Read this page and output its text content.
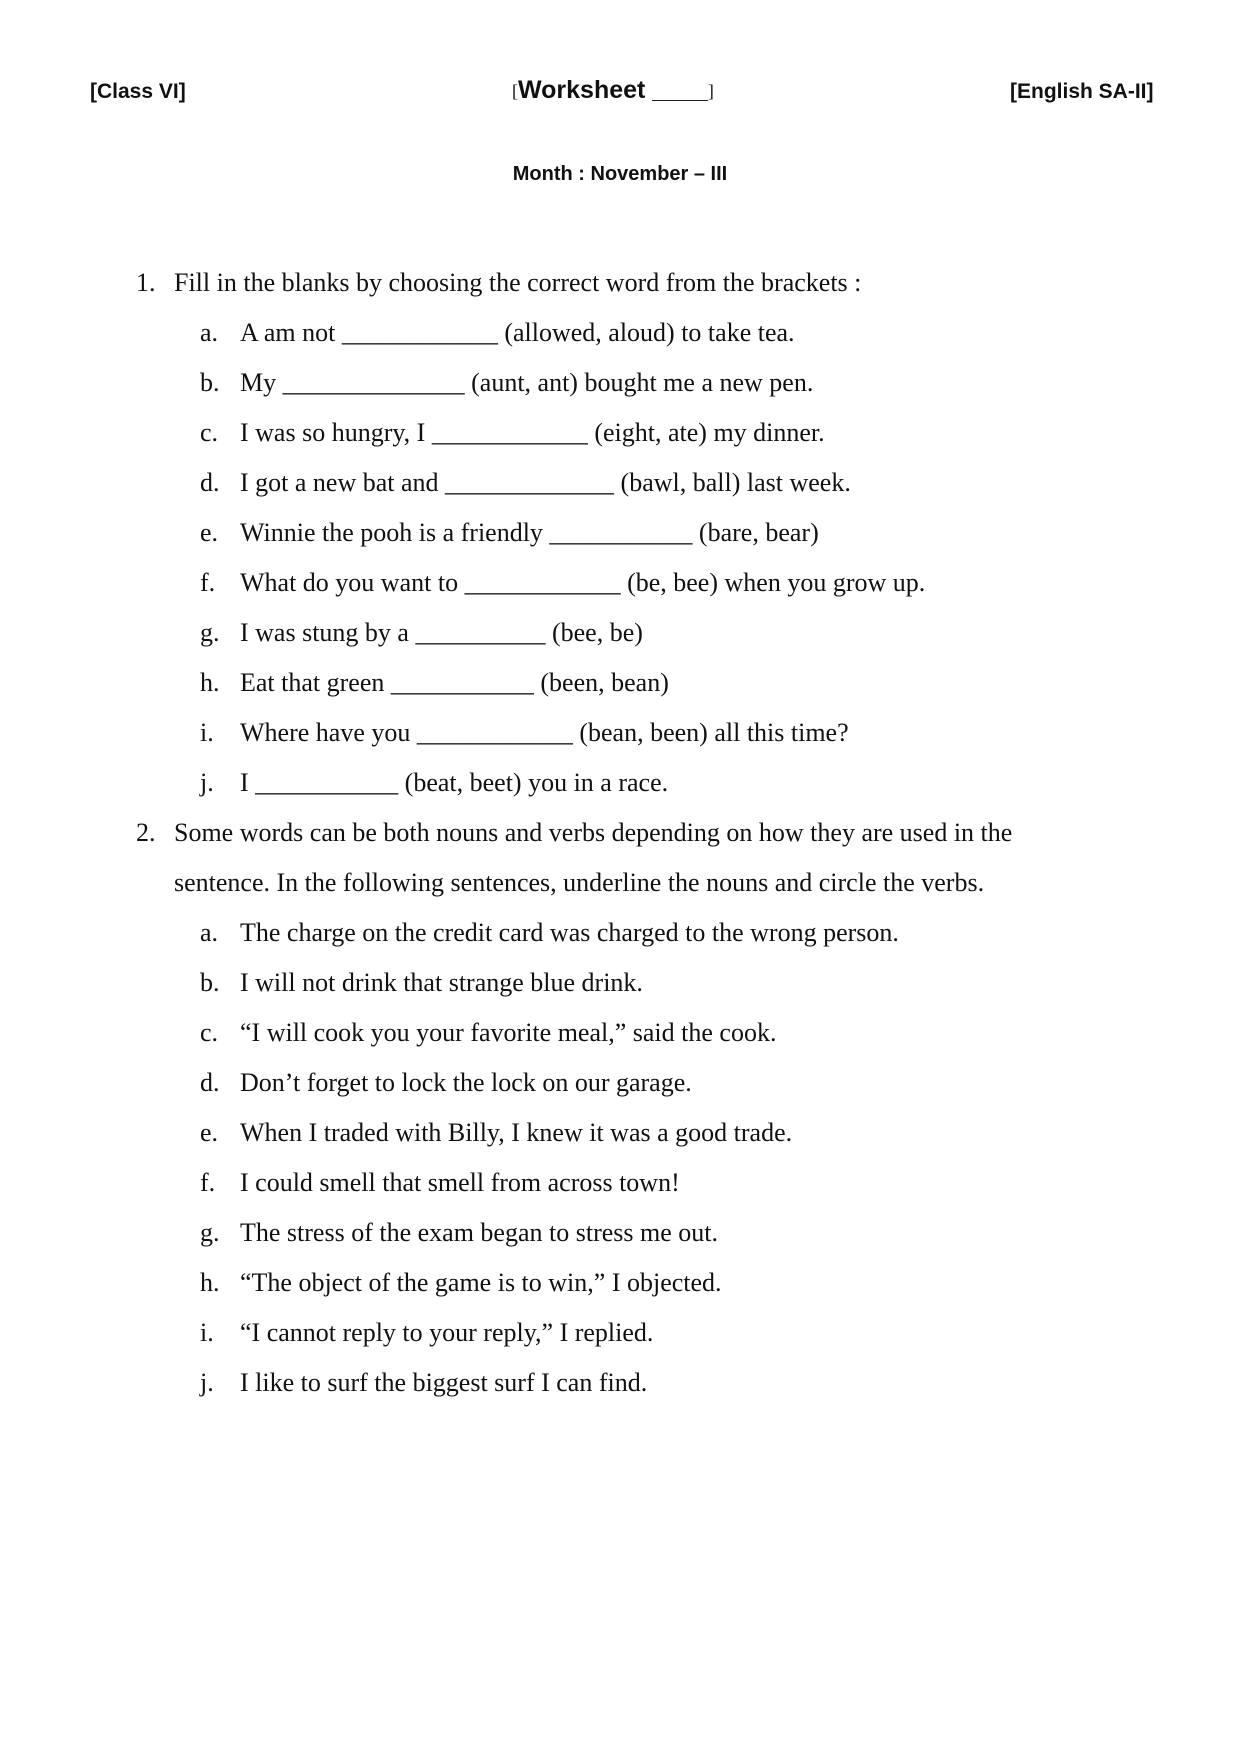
[Class VI]	[Worksheet ____]	[English SA-II]
Month : November – III
1. Fill in the blanks by choosing the correct word from the brackets :
a. A am not ____________ (allowed, aloud) to take tea.
b. My ______________ (aunt, ant) bought me a new pen.
c. I was so hungry, I ____________ (eight, ate) my dinner.
d. I got a new bat and _____________ (bawl, ball) last week.
e. Winnie the pooh is a friendly ___________ (bare, bear)
f. What do you want to ____________ (be, bee) when you grow up.
g. I was stung by a __________ (bee, be)
h. Eat that green ___________ (been, bean)
i. Where have you ____________ (bean, been) all this time?
j. I ___________ (beat, beet) you in a race.
2. Some words can be both nouns and verbs depending on how they are used in the
sentence. In the following sentences, underline the nouns and circle the verbs.
a. The charge on the credit card was charged to the wrong person.
b. I will not drink that strange blue drink.
c. “I will cook you your favorite meal,” said the cook.
d. Don’t forget to lock the lock on our garage.
e. When I traded with Billy, I knew it was a good trade.
f. I could smell that smell from across town!
g. The stress of the exam began to stress me out.
h. “The object of the game is to win,” I objected.
i. “I cannot reply to your reply,” I replied.
j. I like to surf the biggest surf I can find.
